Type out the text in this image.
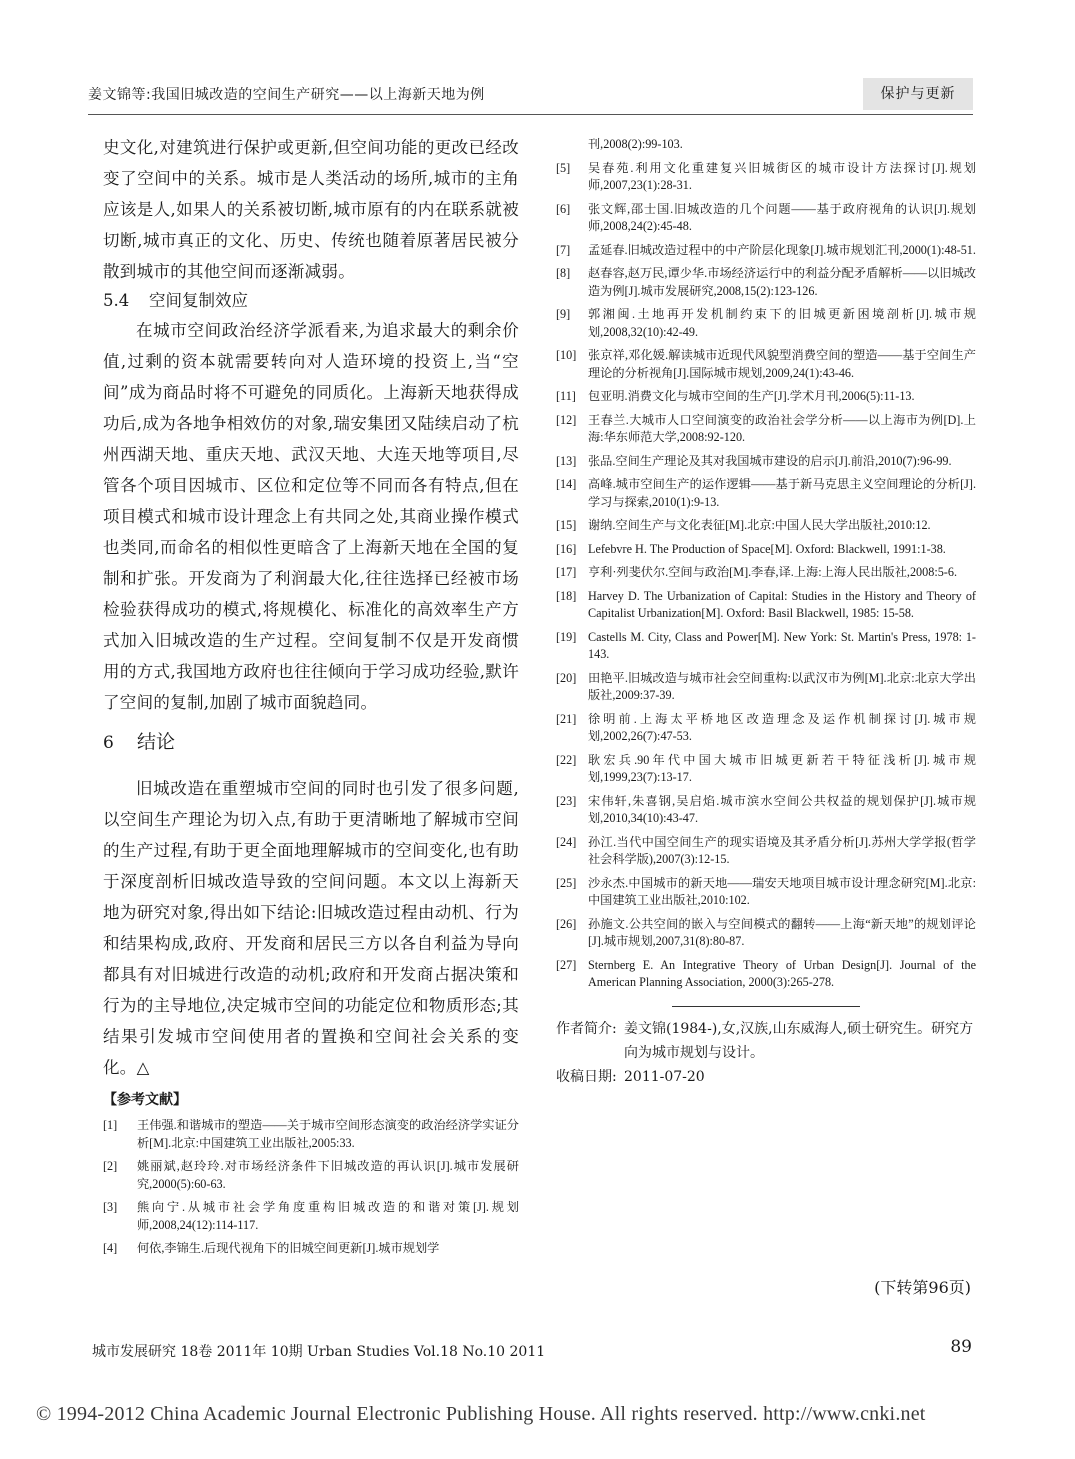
姜文锦等:我国旧城改造的空间生产研究——以上海新天地为例	保护与更新

史文化,对建筑进行保护或更新,但空间功能的更改已经改变了空间中的关系。城市是人类活动的场所,城市的主角应该是人,如果人的关系被切断,城市原有的内在联系就被切断,城市真正的文化、历史、传统也随着原著居民被分散到城市的其他空间而逐渐减弱。

5.4 空间复制效应

在城市空间政治经济学派看来,为追求最大的剩余价值,过剩的资本就需要转向对人造环境的投资上,当“空间”成为商品时将不可避免的同质化。上海新天地获得成功后,成为各地争相效仿的对象,瑞安集团又陆续启动了杭州西湖天地、重庆天地、武汉天地、大连天地等项目,尽管各个项目因城市、区位和定位等不同而各有特点,但在项目模式和城市设计理念上有共同之处,其商业操作模式也类同,而命名的相似性更暗含了上海新天地在全国的复制和扩张。开发商为了利润最大化,往往选择已经被市场检验获得成功的模式,将规模化、标准化的高效率生产方式加入旧城改造的生产过程。空间复制不仅是开发商惯用的方式,我国地方政府也往往倾向于学习成功经验,默许了空间的复制,加剧了城市面貌趋同。

6 结论

旧城改造在重塑城市空间的同时也引发了很多问题,以空间生产理论为切入点,有助于更清晰地了解城市空间的生产过程,有助于更全面地理解城市的空间变化,也有助于深度剖析旧城改造导致的空间问题。本文以上海新天地为研究对象,得出如下结论:旧城改造过程由动机、行为和结果构成,政府、开发商和居民三方以各自利益为导向都具有对旧城进行改造的动机;政府和开发商占据决策和行为的主导地位,决定城市空间的功能定位和物质形态;其结果引发城市空间使用者的置换和空间社会关系的变化。△

【参考文献】
[1] 王伟强.和谐城市的塑造——关于城市空间形态演变的政治经济学实证分析[M].北京:中国建筑工业出版社,2005:33.
[2] 姚丽斌,赵玲玲.对市场经济条件下旧城改造的再认识[J].城市发展研究,2000(5):60-63.
[3] 熊向宁.从城市社会学角度重构旧城改造的和谐对策[J].规划师,2008,24(12):114-117.
[4] 何依,李锦生.后现代视角下的旧城空间更新[J].城市规划学

刊,2008(2):99-103.

[5] 吴春苑.利用文化重建复兴旧城街区的城市设计方法探讨[J].规划师,2007,23(1):28-31.
[6] 张文辉,邵士国.旧城改造的几个问题——基于政府视角的认识[J].规划师,2008,24(2):45-48.
[7] 孟延春.旧城改造过程中的中产阶层化现象[J].城市规划汇刊,2000(1):48-51.
[8] 赵春容,赵万民,谭少华.市场经济运行中的利益分配矛盾解析——以旧城改造为例[J].城市发展研究,2008,15(2):123-126.
[9] 郭湘闽.土地再开发机制约束下的旧城更新困境剖析[J].城市规划,2008,32(10):42-49.
[10] 张京祥,邓化媛.解读城市近现代风貌型消费空间的塑造——基于空间生产理论的分析视角[J].国际城市规划,2009,24(1):43-46.
[11] 包亚明.消费文化与城市空间的生产[J].学术月刊,2006(5):11-13.
[12] 王春兰.大城市人口空间演变的政治社会学分析——以上海市为例[D].上海:华东师范大学,2008:92-120.
[13] 张品.空间生产理论及其对我国城市建设的启示[J].前沿,2010(7):96-99.
[14] 高峰.城市空间生产的运作逻辑——基于新马克思主义空间理论的分析[J].学习与探索,2010(1):9-13.
[15] 谢纳.空间生产与文化表征[M].北京:中国人民大学出版社,2010:12.
[16] Lefebvre H. The Production of Space[M]. Oxford: Blackwell, 1991:1-38.
[17] 亨利·列斐伏尔.空间与政治[M].李春,译.上海:上海人民出版社,2008:5-6.
[18] Harvey D. The Urbanization of Capital: Studies in the History and Theory of Capitalist Urbanization[M]. Oxford: Basil Blackwell, 1985: 15-58.
[19] Castells M. City, Class and Power[M]. New York: St. Martin's Press, 1978: 1-143.
[20] 田艳平.旧城改造与城市社会空间重构:以武汉市为例[M].北京:北京大学出版社,2009:37-39.
[21] 徐明前.上海太平桥地区改造理念及运作机制探讨[J].城市规划,2002,26(7):47-53.
[22] 耿宏兵.90年代中国大城市旧城更新若干特征浅析[J].城市规划,1999,23(7):13-17.
[23] 宋伟轩,朱喜钢,吴启焰.城市滨水空间公共权益的规划保护[J].城市规划,2010,34(10):43-47.
[24] 孙江.当代中国空间生产的现实语境及其矛盾分析[J].苏州大学学报(哲学社会科学版),2007(3):12-15.
[25] 沙永杰.中国城市的新天地——瑞安天地项目城市设计理念研究[M].北京:中国建筑工业出版社,2010:102.
[26] 孙施文.公共空间的嵌入与空间模式的翻转——上海“新天地”的规划评论[J].城市规划,2007,31(8):80-87.
[27] Sternberg E. An Integrative Theory of Urban Design[J]. Journal of the American Planning Association, 2000(3):265-278.
作者简介: 姜文锦(1984-),女,汉族,山东威海人,硕士研究生。研究方向为城市规划与设计。
收稿日期: 2011-07-20
(下转第96页)
城市发展研究 18卷 2011年 10期 Urban Studies Vol.18 No.10 2011	89
© 1994-2012 China Academic Journal Electronic Publishing House. All rights reserved. http://www.cnki.net
